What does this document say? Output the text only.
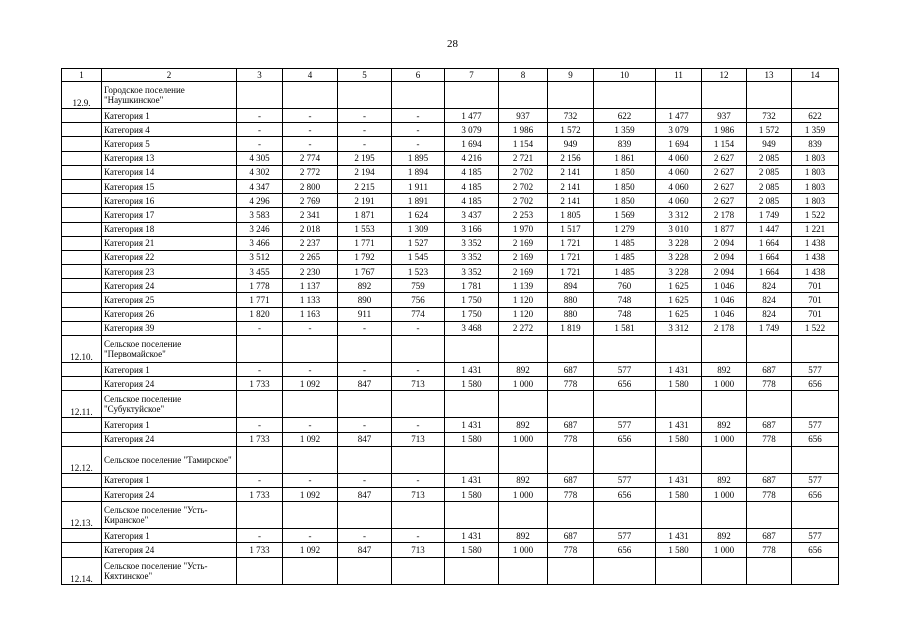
28
1	2	3	4	5	6	7	8	9	10	11	12	13	14
12.9.	Городское поселение "Наушкинское"												
	Категория 1	-	-	-	-	1 477	937	732	622	1 477	937	732	622
	Категория 4	-	-	-	-	3 079	1 986	1 572	1 359	3 079	1 986	1 572	1 359
	Категория 5	-	-	-	-	1 694	1 154	949	839	1 694	1 154	949	839
	Категория 13	4 305	2 774	2 195	1 895	4 216	2 721	2 156	1 861	4 060	2 627	2 085	1 803
	Категория 14	4 302	2 772	2 194	1 894	4 185	2 702	2 141	1 850	4 060	2 627	2 085	1 803
	Категория 15	4 347	2 800	2 215	1 911	4 185	2 702	2 141	1 850	4 060	2 627	2 085	1 803
	Категория 16	4 296	2 769	2 191	1 891	4 185	2 702	2 141	1 850	4 060	2 627	2 085	1 803
	Категория 17	3 583	2 341	1 871	1 624	3 437	2 253	1 805	1 569	3 312	2 178	1 749	1 522
	Категория 18	3 246	2 018	1 553	1 309	3 166	1 970	1 517	1 279	3 010	1 877	1 447	1 221
	Категория 21	3 466	2 237	1 771	1 527	3 352	2 169	1 721	1 485	3 228	2 094	1 664	1 438
	Категория 22	3 512	2 265	1 792	1 545	3 352	2 169	1 721	1 485	3 228	2 094	1 664	1 438
	Категория 23	3 455	2 230	1 767	1 523	3 352	2 169	1 721	1 485	3 228	2 094	1 664	1 438
	Категория 24	1 778	1 137	892	759	1 781	1 139	894	760	1 625	1 046	824	701
	Категория 25	1 771	1 133	890	756	1 750	1 120	880	748	1 625	1 046	824	701
	Категория 26	1 820	1 163	911	774	1 750	1 120	880	748	1 625	1 046	824	701
	Категория 39	-	-	-	-	3 468	2 272	1 819	1 581	3 312	2 178	1 749	1 522
12.10.	Сельское поселение "Первомайское"												
	Категория 1	-	-	-	-	1 431	892	687	577	1 431	892	687	577
	Категория 24	1 733	1 092	847	713	1 580	1 000	778	656	1 580	1 000	778	656
12.11.	Сельское поселение "Субуктуйское"												
	Категория 1	-	-	-	-	1 431	892	687	577	1 431	892	687	577
	Категория 24	1 733	1 092	847	713	1 580	1 000	778	656	1 580	1 000	778	656
12.12.	Сельское поселение "Тамирское"												
	Категория 1	-	-	-	-	1 431	892	687	577	1 431	892	687	577
	Категория 24	1 733	1 092	847	713	1 580	1 000	778	656	1 580	1 000	778	656
12.13.	Сельское поселение "Усть-Киранское"												
	Категория 1	-	-	-	-	1 431	892	687	577	1 431	892	687	577
	Категория 24	1 733	1 092	847	713	1 580	1 000	778	656	1 580	1 000	778	656
12.14.	Сельское поселение "Усть-Кяхтинское"												
